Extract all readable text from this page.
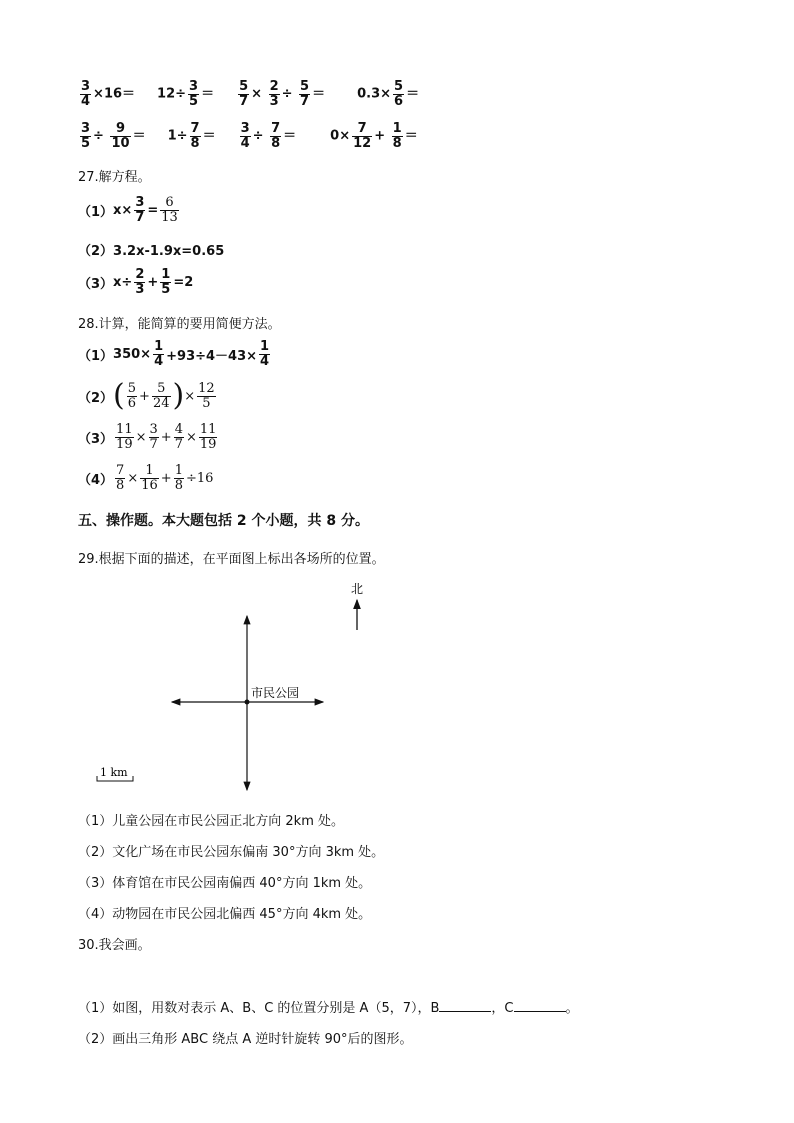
$\frac{3}{4} \times 16= 12\div \frac{3}{5} = \frac{5}{7} \times \frac{2}{3} \div \frac{5}{7} = 0.3\times \frac{5}{6}$ ＝
$\frac{3}{5} \div \frac{9}{10} = 1\div \frac{7}{8} = \frac{3}{4} \div \frac{7}{8}$ ＝	$0\times \frac{7}{12} + \frac{1}{8}$ ＝
27.解方程。
（1） $x\times \frac{3}{7} = \frac{6}{13}$
（2）3.2x-1.9x=0.65
（3） $x\div \frac{2}{3} + \frac{1}{5} =2$
28.计算，能简算的要用简便方法。
（1） $350\times \frac{1}{4} +93\div 4-43\times \frac{1}{4}$
（2） ( $\frac{5}{6} + \frac{5}{24}$ ) × $\frac{12}{5}$
$(3) \frac{11}{19} \times \frac{3}{7} + \frac{4}{7} \times \frac{11}{19}$
$(4) \frac{7}{8} \times \frac{1}{16} + \frac{1}{8} \div 16$
五、操作题。本大题包括 2 个小题，共 8 分。
29.根据下面的描述，在平面图上标出各场所的位置。
北
市民公园
1 km
（1）儿童公园在市民公园正北方向 2km 处。
（2）文化广场在市民公园东偏南 30°方向 3km 处。
（3）体育馆在市民公园南偏西 40°方向 1km 处。
（4）动物园在市民公园北偏西 45°方向 4km 处。
30.我会画。
（1）如图，用数对表示 A、B、C 的位置分别是 A（5，7），B	，C	。
（2）画出三角形 ABC 绕点 A 逆时针旋转 90°后的图形。
